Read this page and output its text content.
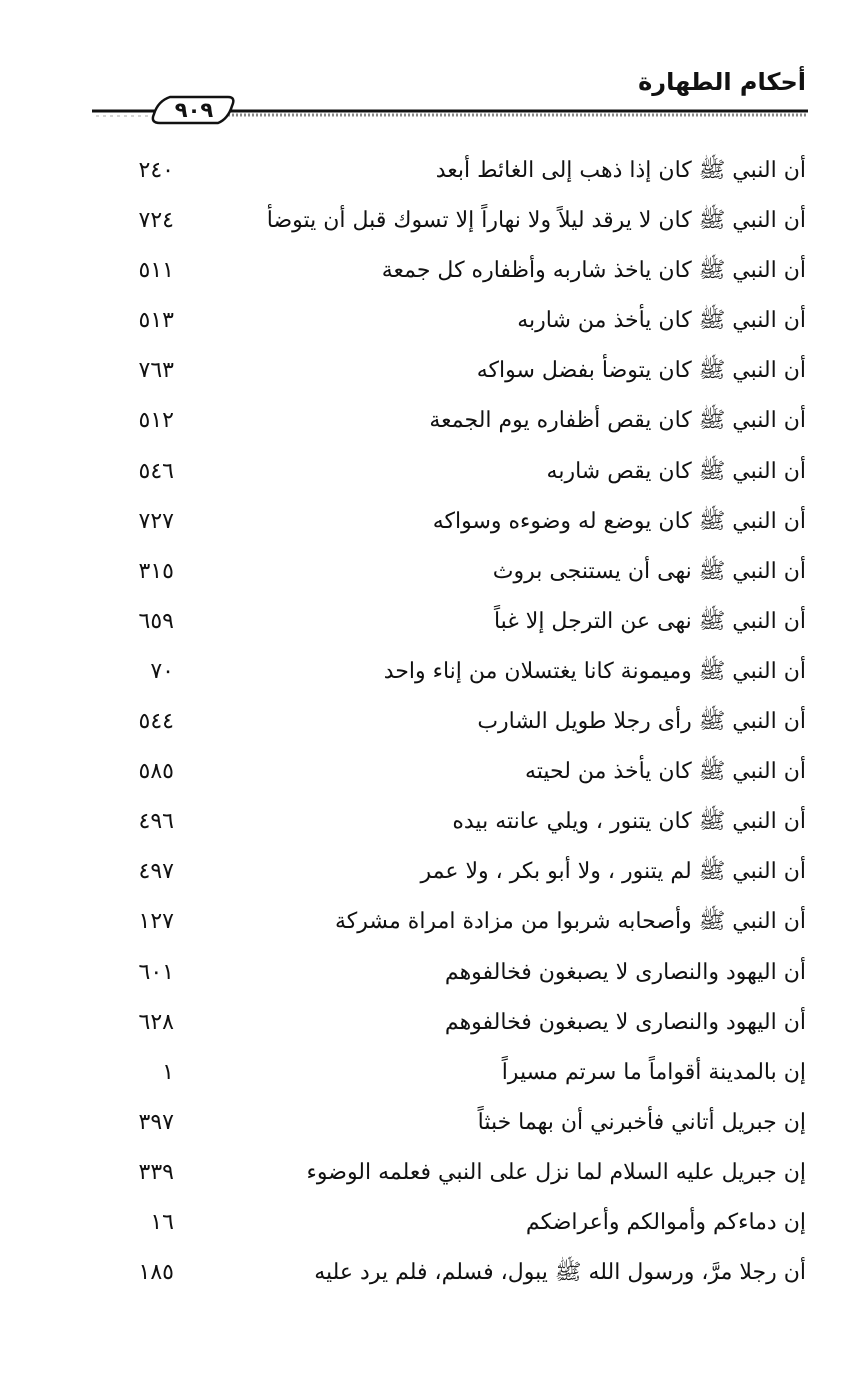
أحكام الطهارة
٩٠٩
أن النبي ﷺ كان إذا ذهب إلى الغائط أبعد
٢٤٠
أن النبي ﷺ كان لا يرقد ليلاً ولا نهاراً إلا تسوك قبل أن يتوضأ
٧٢٤
أن النبي ﷺ كان ياخذ شاربه وأظفاره كل جمعة
٥١١
أن النبي ﷺ كان يأخذ من شاربه
٥١٣
أن النبي ﷺ كان يتوضأ بفضل سواكه
٧٦٣
أن النبي ﷺ كان يقص أظفاره يوم الجمعة
٥١٢
أن النبي ﷺ كان يقص شاربه
٥٤٦
أن النبي ﷺ كان يوضع له وضوءه وسواكه
٧٢٧
أن النبي ﷺ نهى أن يستنجى بروث
٣١٥
أن النبي ﷺ نهى عن الترجل إلا غباً
٦٥٩
أن النبي ﷺ وميمونة كانا يغتسلان من إناء واحد
٧٠
أن النبي ﷺ رأى رجلا طويل الشارب
٥٤٤
أن النبي ﷺ كان يأخذ من لحيته
٥٨٥
أن النبي ﷺ كان يتنور ، ويلي عانته بيده
٤٩٦
أن النبي ﷺ لم يتنور ، ولا أبو بكر ، ولا عمر
٤٩٧
أن النبي ﷺ وأصحابه شربوا من مزادة امراة مشركة
١٢٧
أن اليهود والنصارى لا يصبغون فخالفوهم
٦٠١
أن اليهود والنصارى لا يصبغون فخالفوهم
٦٢٨
إن بالمدينة أقواماً ما سرتم مسيراً
١
إن جبريل أتاني فأخبرني أن بهما خبثاً
٣٩٧
إن جبريل عليه السلام لما نزل على النبي فعلمه الوضوء
٣٣٩
إن دماءكم وأموالكم وأعراضكم
١٦
أن رجلا مرَّ، ورسول الله ﷺ يبول، فسلم، فلم يرد عليه
١٨٥
